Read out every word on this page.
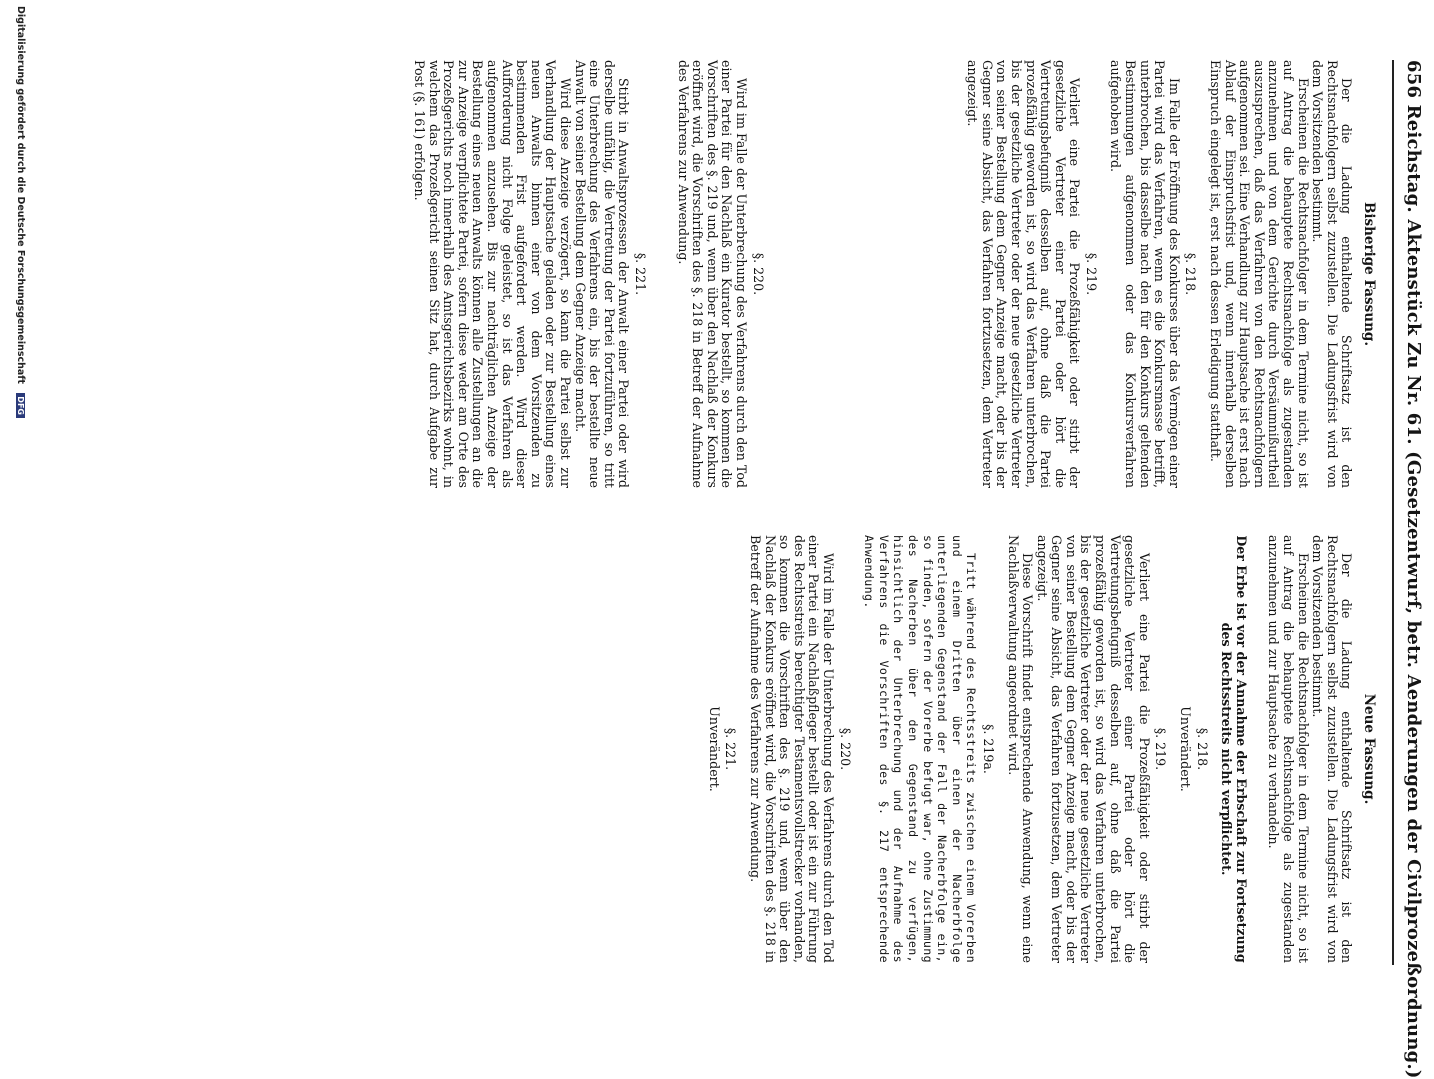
656 Reichstag. Aktenstück Zu Nr. 61. (Gesetzentwurf, betr. Aenderungen der Civilprozeßordnung.)
Bisherige Fassung.

Der die Ladung enthaltende Schriftsatz ist den Rechtsnachfolgern selbst zuzustellen. Die Ladungsfrist wird von dem Vorsitzenden bestimmt.

Erscheinen die Rechtsnachfolger in dem Termine nicht, so ist auf Antrag die behauptete Rechtsnachfolge als zugestanden anzunehmen und von dem Gerichte durch Versäumnißurtheil auszusprechen, daß das Verfahren von den Rechtsnachfolgern aufgenommen sei. Eine Verhandlung zur Hauptsache ist erst nach Ablauf der Einspruchsfrist und, wenn innerhalb derselben Einspruch eingelegt ist, erst nach dessen Erledigung statthaft.

§. 218.

Im Falle der Eröffnung des Konkurses über das Vermögen einer Partei wird das Verfahren, wenn es die Konkursmasse betrifft, unterbrochen, bis dasselbe nach den für den Konkurs geltenden Bestimmungen aufgenommen oder das Konkursverfahren aufgehoben wird.

§. 219.

Verliert eine Partei die Prozeßfähigkeit oder stirbt der gesetzliche Vertreter einer Partei oder hört die Vertretungsbefugniß desselben auf, ohne daß die Partei prozeßfähig geworden ist, so wird das Verfahren unterbrochen, bis der gesetzliche Vertreter oder der neue gesetzliche Vertreter von seiner Bestellung dem Gegner Anzeige macht, oder bis der Gegner seine Absicht, das Verfahren fortzusetzen, dem Vertreter angezeigt.

§. 220.

Wird im Falle der Unterbrechung des Verfahrens durch den Tod einer Partei für den Nachlaß ein Kurator bestellt, so kommen die Vorschriften des §. 219 und, wenn über den Nachlaß der Konkurs eröffnet wird, die Vorschriften des §. 218 in Betreff der Aufnahme des Verfahrens zur Anwendung.

§. 221.

Stirbt in Anwaltsprozessen der Anwalt einer Partei oder wird derselbe unfähig, die Vertretung der Partei fortzuführen, so tritt eine Unterbrechung des Verfahrens ein, bis der bestellte neue Anwalt von seiner Bestellung dem Gegner Anzeige macht.

Wird diese Anzeige verzögert, so kann die Partei selbst zur Verhandlung der Hauptsache geladen oder zur Bestellung eines neuen Anwalts binnen einer von dem Vorsitzenden zu bestimmenden Frist aufgefordert werden. Wird dieser Aufforderung nicht Folge geleistet, so ist das Verfahren als aufgenommen anzusehen. Bis zur nachträglichen Anzeige der Bestellung eines neuen Anwalts können alle Zustellungen an die zur Anzeige verpflichtete Partei, sofern diese weder am Orte des Prozeßgerichts noch innerhalb des Amtsgerichtsbezirks wohnt, in welchem das Prozeßgericht seinen Sitz hat, durch Aufgabe zur Post (§. 161) erfolgen.

Neue Fassung.

Der die Ladung enthaltende Schriftsatz ist den Rechtsnachfolgern selbst zuzustellen. Die Ladungsfrist wird von dem Vorsitzenden bestimmt.

Erscheinen die Rechtsnachfolger in dem Termine nicht, so ist auf Antrag die behauptete Rechtsnachfolge als zugestanden anzunehmen und zur Hauptsache zu verhandeln.

Der Erbe ist vor der Annahme der Erbschaft zur Fortsetzung des Rechtsstreits nicht verpflichtet.

§. 218.

Unverändert.

§. 219.

Verliert eine Partei die Prozeßfähigkeit oder stirbt der gesetzliche Vertreter einer Partei oder hört die Vertretungsbefugniß desselben auf, ohne daß die Partei prozeßfähig geworden ist, so wird das Verfahren unterbrochen, bis der gesetzliche Vertreter oder der neue gesetzliche Vertreter von seiner Bestellung dem Gegner Anzeige macht, oder bis der Gegner seine Absicht, das Verfahren fortzusetzen, dem Vertreter angezeigt.

Diese Vorschrift findet entsprechende Anwendung, wenn eine Nachlaßverwaltung angeordnet wird.

§. 219a.

Tritt während des Rechtsstreits zwischen einem Vorerben und einem Dritten über einen der Nacherbfolge unterliegenden Gegenstand der Fall der Nacherbfolge ein, so finden, sofern der Vorerbe befugt war, ohne Zustimmung des Nacherben über den Gegenstand zu verfügen, hinsichtlich der Unterbrechung und der Aufnahme des Verfahrens die Vorschriften des §. 217 entsprechende Anwendung.

§. 220.

Wird im Falle der Unterbrechung des Verfahrens durch den Tod einer Partei ein Nachlaßpfleger bestellt oder ist ein zur Führung des Rechtsstreits berechtigter Testamentsvollstrecker vorhanden, so kommen die Vorschriften des §. 219 und, wenn über den Nachlaß der Konkurs eröffnet wird, die Vorschriften des §. 218 in Betreff der Aufnahme des Verfahrens zur Anwendung.

§. 221.

Unverändert.

Digitalisierung gefördert durch die Deutsche Forschungsgemeinschaft DFG
